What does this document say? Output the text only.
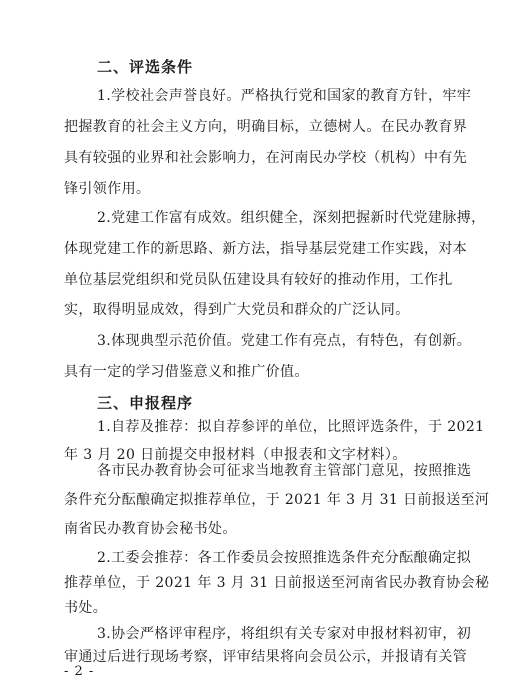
二、评选条件
1.学校社会声誉良好。严格执行党和国家的教育方针，牢牢
把握教育的社会主义方向，明确目标，立德树人。在民办教育界
具有较强的业界和社会影响力，在河南民办学校（机构）中有先
锋引领作用。
2.党建工作富有成效。组织健全，深刻把握新时代党建脉搏，
体现党建工作的新思路、新方法，指导基层党建工作实践，对本
单位基层党组织和党员队伍建设具有较好的推动作用，工作扎
实，取得明显成效，得到广大党员和群众的广泛认同。
3.体现典型示范价值。党建工作有亮点，有特色，有创新。
具有一定的学习借鉴意义和推广价值。
三、申报程序
1.自荐及推荐：拟自荐参评的单位，比照评选条件，于 2021
年 3 月 20 日前提交申报材料（申报表和文字材料）。
各市民办教育协会可征求当地教育主管部门意见，按照推选
条件充分酝酿确定拟推荐单位，于 2021 年 3 月 31 日前报送至河
南省民办教育协会秘书处。
2.工委会推荐：各工作委员会按照推选条件充分酝酿确定拟
推荐单位，于 2021 年 3 月 31 日前报送至河南省民办教育协会秘
书处。
- 2 -
3.协会严格评审程序，将组织有关专家对申报材料初审，初
审通过后进行现场考察，评审结果将向会员公示，并报请有关管
